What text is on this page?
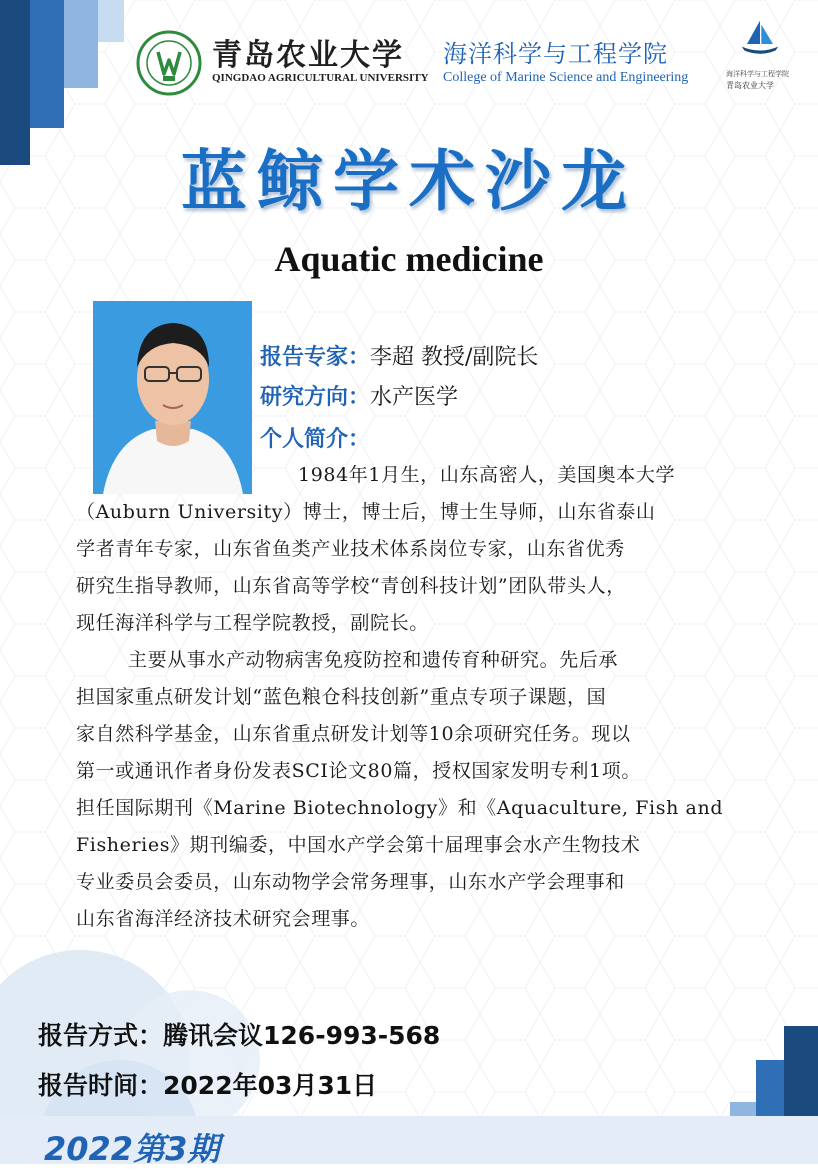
青岛农业大学
QINGDAO AGRICULTURAL UNIVERSITY
海洋科学与工程学院
College of Marine Science and Engineering	海洋科学与工程学院
青岛农业大学
蓝鲸学术沙龙
Aquatic medicine
报告专家：李超 教授/副院长
研究方向：水产医学
个人简介：
1984年1月生，山东高密人，美国奥本大学
（Auburn University）博士，博士后，博士生导师，山东省泰山
学者青年专家，山东省鱼类产业技术体系岗位专家，山东省优秀
研究生指导教师，山东省高等学校“青创科技计划”团队带头人，
现任海洋科学与工程学院教授，副院长。
主要从事水产动物病害免疫防控和遗传育种研究。先后承
担国家重点研发计划“蓝色粮仓科技创新”重点专项子课题，国
家自然科学基金，山东省重点研发计划等10余项研究任务。现以
第一或通讯作者身份发表SCI论文80篇，授权国家发明专利1项。
担任国际期刊《Marine Biotechnology》和《Aquaculture, Fish and
Fisheries》期刊编委，中国水产学会第十届理事会水产生物技术
专业委员会委员，山东动物学会常务理事，山东水产学会理事和
山东省海洋经济技术研究会理事。
报告方式：腾讯会议126-993-568
报告时间：2022年03月31日
2022第3期
